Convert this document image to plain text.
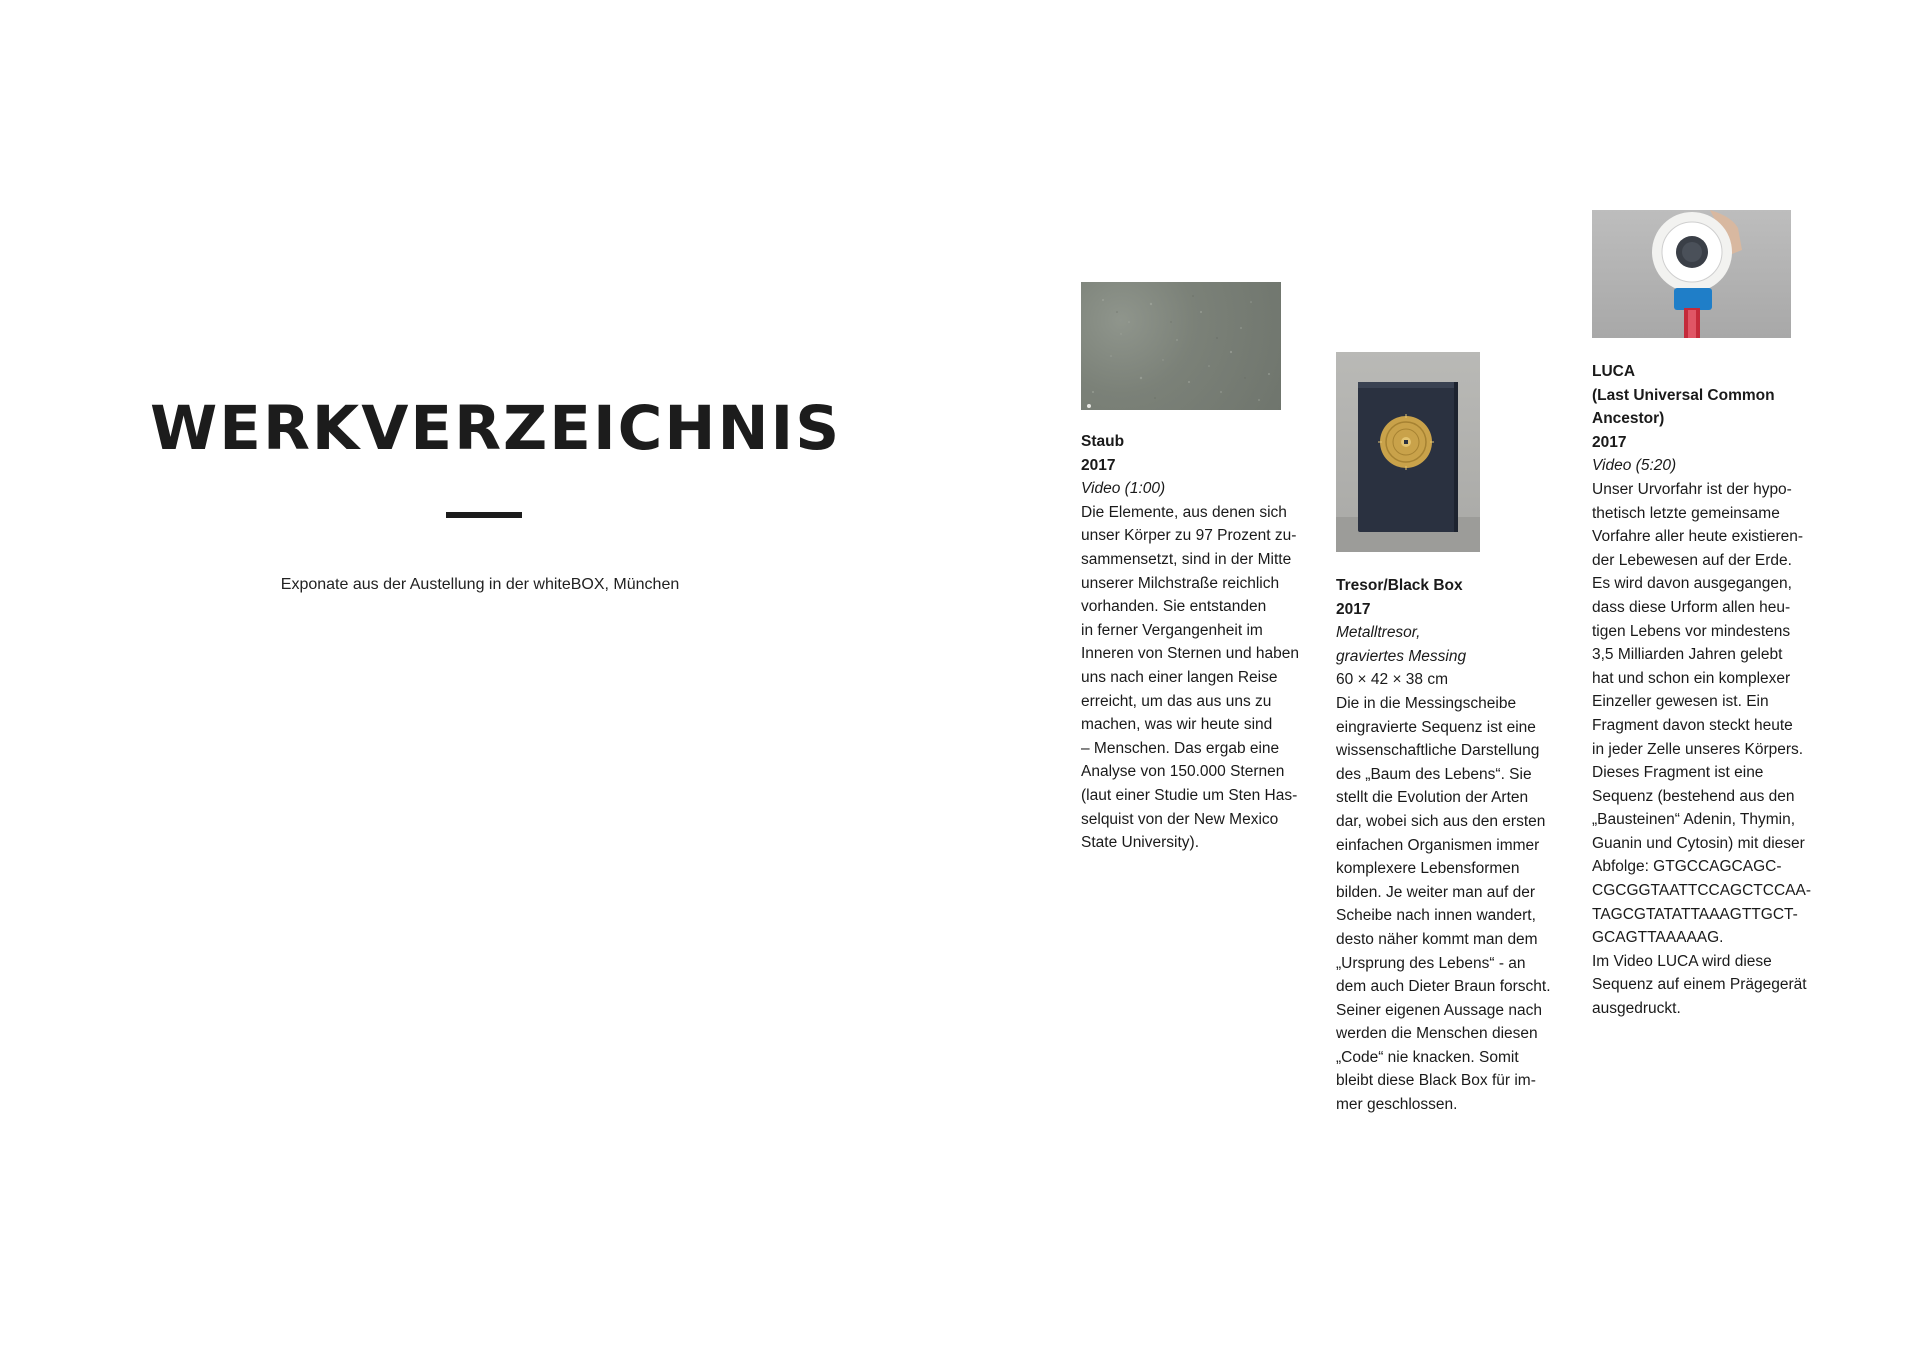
WERKVERZEICHNIS
Exponate aus der Austellung in der whiteBOX, München
Staub
2017
Video (1:00)
Die Elemente, aus denen sich
unser Körper zu 97 Prozent zu-
sammensetzt, sind in der Mitte
unserer Milchstraße reichlich
vorhanden. Sie entstanden
in ferner Vergangenheit im
Inneren von Sternen und haben
uns nach einer langen Reise
erreicht, um das aus uns zu
machen, was wir heute sind
– Menschen. Das ergab eine
Analyse von 150.000 Sternen
(laut einer Studie um Sten Has-
selquist von der New Mexico
State University).
Tresor/Black Box
2017
Metalltresor,
graviertes Messing
60 × 42 × 38 cm
Die in die Messingscheibe
eingravierte Sequenz ist eine
wissenschaftliche Darstellung
des „Baum des Lebens“. Sie
stellt die Evolution der Arten
dar, wobei sich aus den ersten
einfachen Organismen immer
komplexere Lebensformen
bilden. Je weiter man auf der
Scheibe nach innen wandert,
desto näher kommt man dem
„Ursprung des Lebens“ - an
dem auch Dieter Braun forscht.
Seiner eigenen Aussage nach
werden die Menschen diesen
„Code“ nie knacken. Somit
bleibt diese Black Box für im-
mer geschlossen.
LUCA
(Last Universal Common
Ancestor)
2017
Video (5:20)
Unser Urvorfahr ist der hypo-
thetisch letzte gemeinsame
Vorfahre aller heute existieren-
der Lebewesen auf der Erde.
Es wird davon ausgegangen,
dass diese Urform allen heu-
tigen Lebens vor mindestens
3,5 Milliarden Jahren gelebt
hat und schon ein komplexer
Einzeller gewesen ist. Ein
Fragment davon steckt heute
in jeder Zelle unseres Körpers.
Dieses Fragment ist eine
Sequenz (bestehend aus den
„Bausteinen“ Adenin, Thymin,
Guanin und Cytosin) mit dieser
Abfolge: GTGCCAGCAGC-
CGCGGTAATTCCAGCTCCAA-
TAGCGTATATTAAAGTTGCT-
GCAGTTAAAAAG.
Im Video LUCA wird diese
Sequenz auf einem Prägegerät
ausgedruckt.
